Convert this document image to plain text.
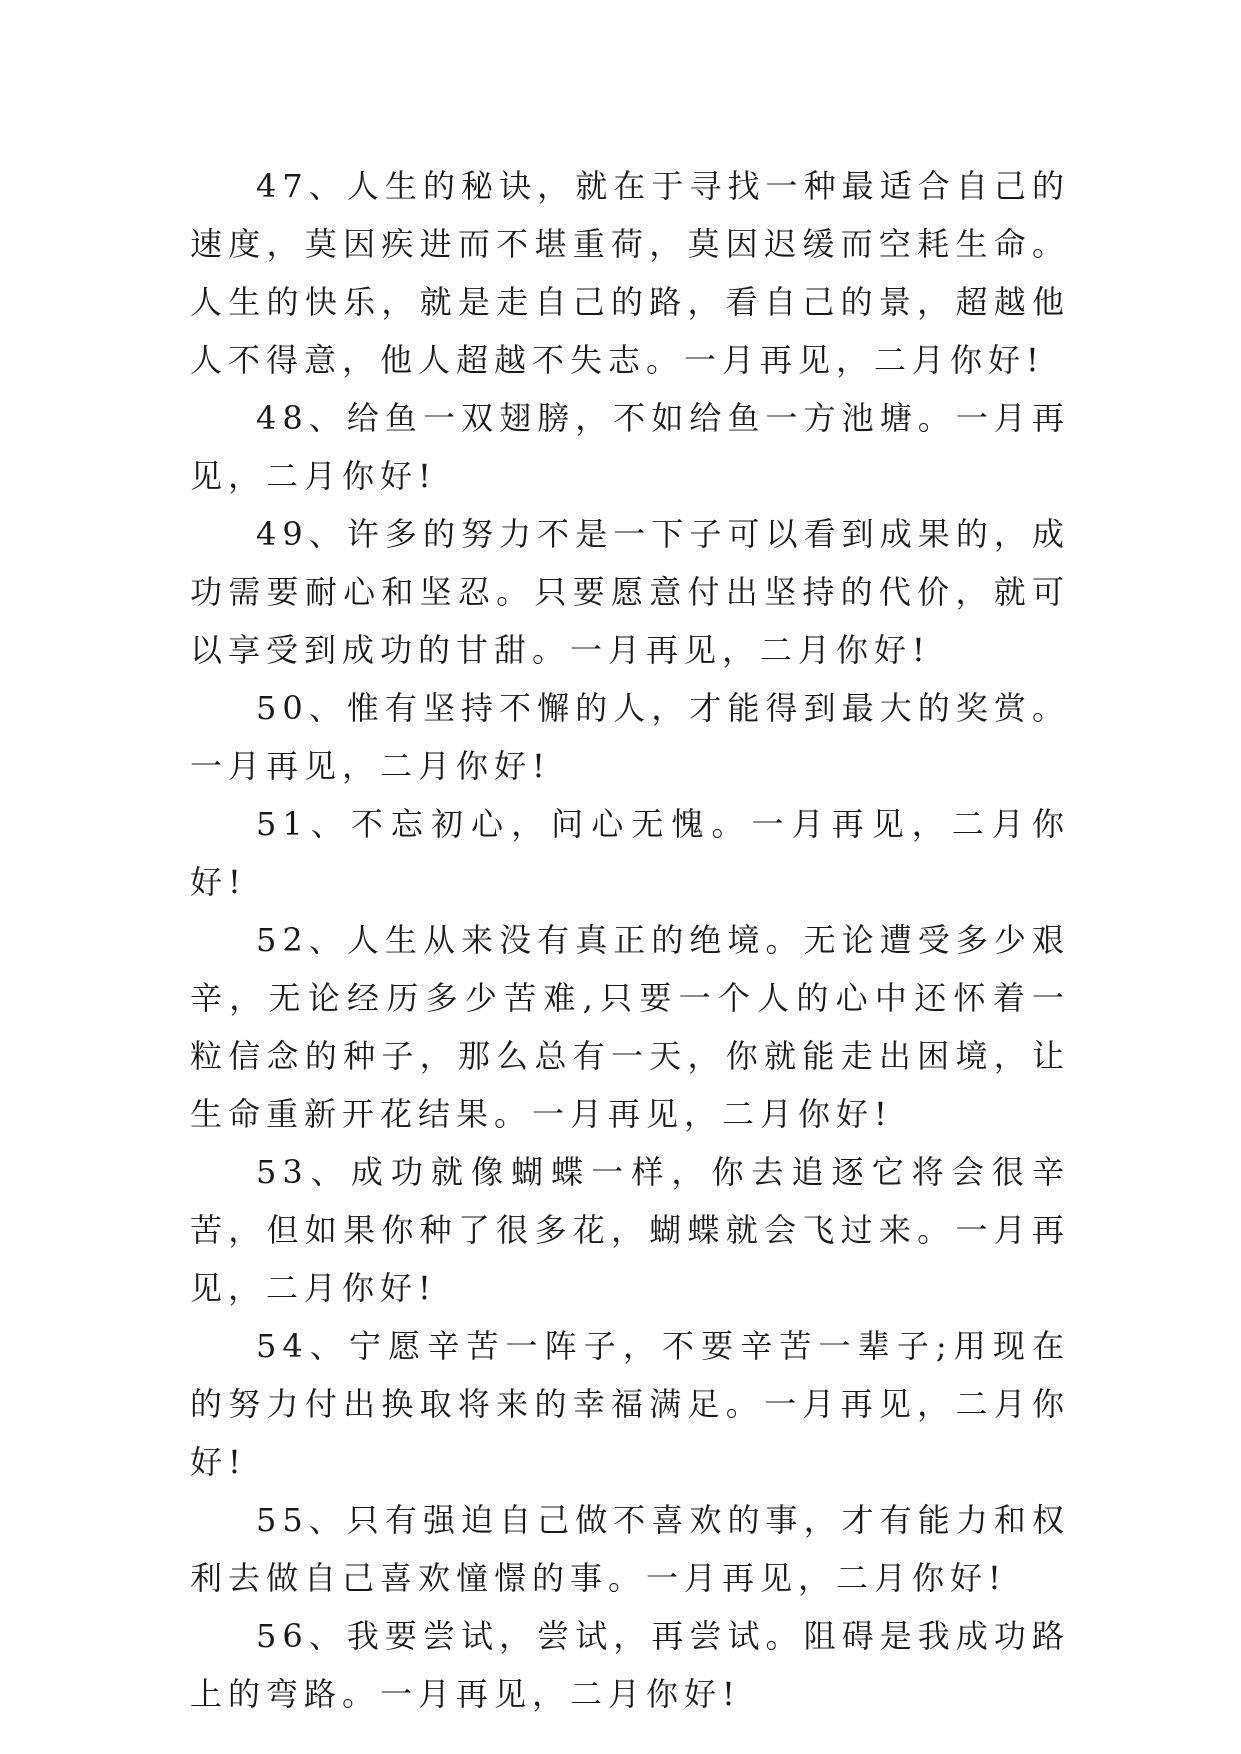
47、人生的秘诀，就在于寻找一种最适合自己的速度，莫因疾进而不堪重荷，莫因迟缓而空耗生命。人生的快乐，就是走自己的路，看自己的景，超越他人不得意，他人超越不失志。一月再见，二月你好!

48、给鱼一双翅膀，不如给鱼一方池塘。一月再见，二月你好!

49、许多的努力不是一下子可以看到成果的，成功需要耐心和坚忍。只要愿意付出坚持的代价，就可以享受到成功的甘甜。一月再见，二月你好!

50、惟有坚持不懈的人，才能得到最大的奖赏。一月再见，二月你好!

51、不忘初心，问心无愧。一月再见，二月你好!

52、人生从来没有真正的绝境。无论遭受多少艰辛，无论经历多少苦难,只要一个人的心中还怀着一粒信念的种子，那么总有一天，你就能走出困境，让生命重新开花结果。一月再见，二月你好!

53、成功就像蝴蝶一样，你去追逐它将会很辛苦，但如果你种了很多花，蝴蝶就会飞过来。一月再见，二月你好!

54、宁愿辛苦一阵子，不要辛苦一辈子;用现在的努力付出换取将来的幸福满足。一月再见，二月你好!

55、只有强迫自己做不喜欢的事，才有能力和权利去做自己喜欢憧憬的事。一月再见，二月你好!

56、我要尝试，尝试，再尝试。阻碍是我成功路上的弯路。一月再见，二月你好!
